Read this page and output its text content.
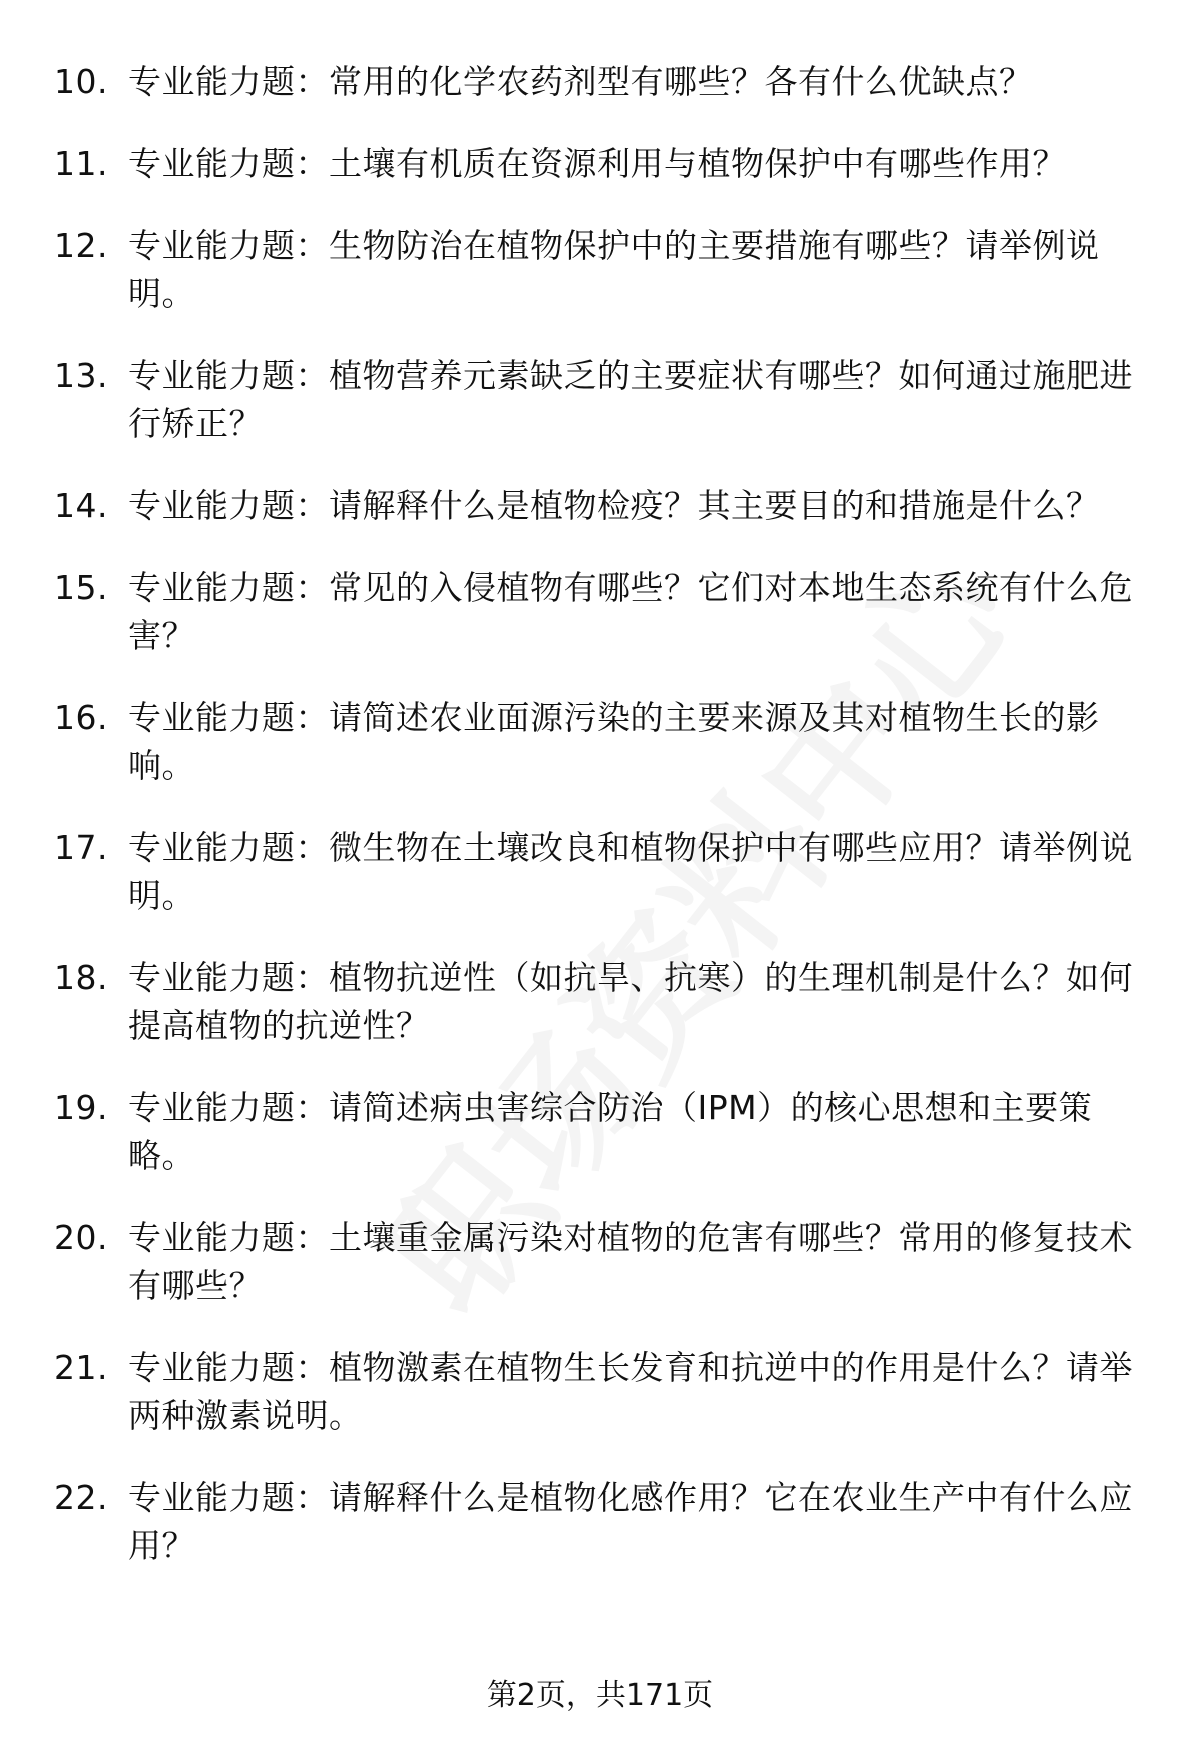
10. 专业能力题：常用的化学农药剂型有哪些？各有什么优缺点？
11. 专业能力题：土壤有机质在资源利用与植物保护中有哪些作用？
12. 专业能力题：生物防治在植物保护中的主要措施有哪些？请举例说明。
13. 专业能力题：植物营养元素缺乏的主要症状有哪些？如何通过施肥进行矫正？
14. 专业能力题：请解释什么是植物检疫？其主要目的和措施是什么？
15. 专业能力题：常见的入侵植物有哪些？它们对本地生态系统有什么危害？
16. 专业能力题：请简述农业面源污染的主要来源及其对植物生长的影响。
17. 专业能力题：微生物在土壤改良和植物保护中有哪些应用？请举例说明。
18. 专业能力题：植物抗逆性（如抗旱、抗寒）的生理机制是什么？如何提高植物的抗逆性？
19. 专业能力题：请简述病虫害综合防治（IPM）的核心思想和主要策略。
20. 专业能力题：土壤重金属污染对植物的危害有哪些？常用的修复技术有哪些？
21. 专业能力题：植物激素在植物生长发育和抗逆中的作用是什么？请举两种激素说明。
22. 专业能力题：请解释什么是植物化感作用？它在农业生产中有什么应用？
第2页，共171页
